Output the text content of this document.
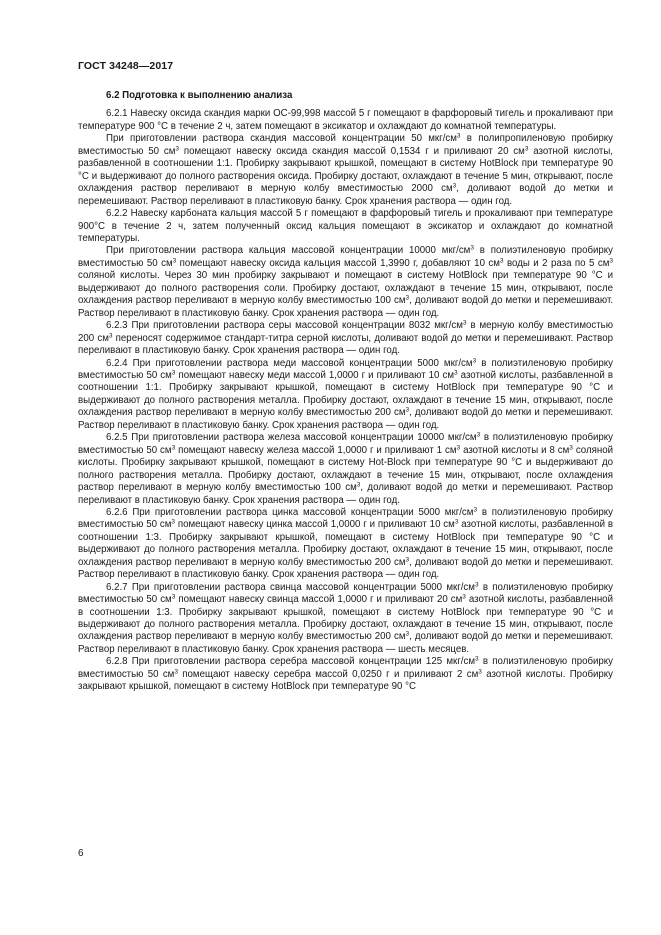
ГОСТ 34248—2017

6.2 Подготовка к выполнению анализа

6.2.1 Навеску оксида скандия марки ОС-99,998 массой 5 г помещают в фарфоровый тигель и прокаливают при температуре 900 °С в течение 2 ч, затем помещают в эксикатор и охлаждают до комнатной температуры.

При приготовлении раствора скандия массовой концентрации 50 мкг/$см^3$ в полипропиленовую пробирку вместимостью 50 $см^3$ помещают навеску оксида скандия массой 0,1534 г и приливают 20 $см^3$ азотной кислоты, разбавленной в соотношении 1:1. Пробирку закрывают крышкой, помещают в систему HotBlock при температуре 90 °С и выдерживают до полного растворения оксида. Пробирку достают, охлаждают в течение 5 мин, открывают, после охлаждения раствор переливают в мерную колбу вместимостью 2000 $см^3$, доливают водой до метки и перемешивают. Раствор переливают в пластиковую банку. Срок хранения раствора — один год.

6.2.2 Навеску карбоната кальция массой 5 г помещают в фарфоровый тигель и прокаливают при температуре 900°С в течение 2 ч, затем полученный оксид кальция помещают в эксикатор и охлаждают до комнатной температуры.

При приготовлении раствора кальция массовой концентрации 10000 мкг/$см^3$ в полиэтиленовую пробирку вместимостью 50 $см^3$ помещают навеску оксида кальция массой 1,3990 г, добавляют 10 $см^3$ воды и 2 раза по 5 $см^3$ соляной кислоты. Через 30 мин пробирку закрывают и помещают в систему HotBlock при температуре 90 °С и выдерживают до полного растворения соли. Пробирку достают, охлаждают в течение 15 мин, открывают, после охлаждения раствор переливают в мерную колбу вместимостью 100 $см^3$, доливают водой до метки и перемешивают. Раствор переливают в пластиковую банку. Срок хранения раствора — один год.

6.2.3 При приготовлении раствора серы массовой концентрации 8032 мкг/$см^3$ в мерную колбу вместимостью 200 $см^3$ переносят содержимое стандарт-титра серной кислоты, доливают водой до метки и перемешивают. Раствор переливают в пластиковую банку. Срок хранения раствора — один год.

6.2.4 При приготовлении раствора меди массовой концентрации 5000 мкг/$см^3$ в полиэтиленовую пробирку вместимостью 50 $см^3$ помещают навеску меди массой 1,0000 г и приливают 10 $см^3$ азотной кислоты, разбавленной в соотношении 1:1. Пробирку закрывают крышкой, помещают в систему HotBlock при температуре 90 °С и выдерживают до полного растворения металла. Пробирку достают, охлаждают в течение 15 мин, открывают, после охлаждения раствор переливают в мерную колбу вместимостью 200 $см^3$, доливают водой до метки и перемешивают. Раствор переливают в пластиковую банку. Срок хранения раствора — один год.

6.2.5 При приготовлении раствора железа массовой концентрации 10000 мкг/$см^3$ в полиэтиленовую пробирку вместимостью 50 $см^3$ помещают навеску железа массой 1,0000 г и приливают 1 $см^3$ азотной кислоты и 8 $см^3$ соляной кислоты. Пробирку закрывают крышкой, помещают в систему Hot-Block при температуре 90 °С и выдерживают до полного растворения металла. Пробирку достают, охлаждают в течение 15 мин, открывают, после охлаждения раствор переливают в мерную колбу вместимостью 100 $см^3$, доливают водой до метки и перемешивают. Раствор переливают в пластиковую банку. Срок хранения раствора — один год.

6.2.6 При приготовлении раствора цинка массовой концентрации 5000 мкг/$см^3$ в полиэтиленовую пробирку вместимостью 50 $см^3$ помещают навеску цинка массой 1,0000 г и приливают 10 $см^3$ азотной кислоты, разбавленной в соотношении 1:3. Пробирку закрывают крышкой, помещают в систему HotBlock при температуре 90 °С и выдерживают до полного растворения металла. Пробирку достают, охлаждают в течение 15 мин, открывают, после охлаждения раствор переливают в мерную колбу вместимостью 200 $см^3$, доливают водой до метки и перемешивают. Раствор переливают в пластиковую банку. Срок хранения раствора — один год.

6.2.7 При приготовлении раствора свинца массовой концентрации 5000 мкг/$см^3$ в полиэтиленовую пробирку вместимостью 50 $см^3$ помещают навеску свинца массой 1,0000 г и приливают 20 $см^3$ азотной кислоты, разбавленной в соотношении 1:3. Пробирку закрывают крышкой, помещают в систему HotBlock при температуре 90 °С и выдерживают до полного растворения металла. Пробирку достают, охлаждают в течение 15 мин, открывают, после охлаждения раствор переливают в мерную колбу вместимостью 200 $см^3$, доливают водой до метки и перемешивают. Раствор переливают в пластиковую банку. Срок хранения раствора — шесть месяцев.

6.2.8 При приготовлении раствора серебра массовой концентрации 125 мкг/$см^3$ в полиэтиленовую пробирку вместимостью 50 $см^3$ помещают навеску серебра массой 0,0250 г и приливают 2 $см^3$ азотной кислоты. Пробирку закрывают крышкой, помещают в систему HotBlock при температуре 90 °С

6
